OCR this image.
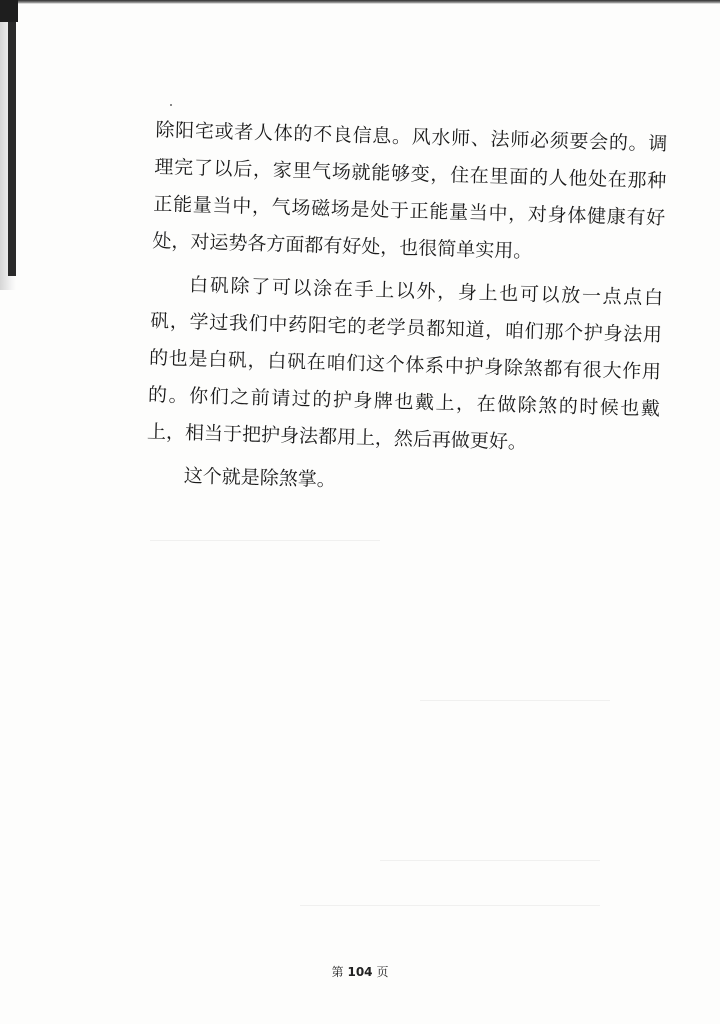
除阳宅或者人体的不良信息。风水师、法师必须要会的。调理完了以后，家里气场就能够变，住在里面的人他处在那种正能量当中，气场磁场是处于正能量当中，对身体健康有好处，对运势各方面都有好处，也很简单实用。

白矾除了可以涂在手上以外，身上也可以放一点点白矾，学过我们中药阳宅的老学员都知道，咱们那个护身法用的也是白矾，白矾在咱们这个体系中护身除煞都有很大作用的。你们之前请过的护身牌也戴上，在做除煞的时候也戴上，相当于把护身法都用上，然后再做更好。

这个就是除煞掌。

第 104 页
